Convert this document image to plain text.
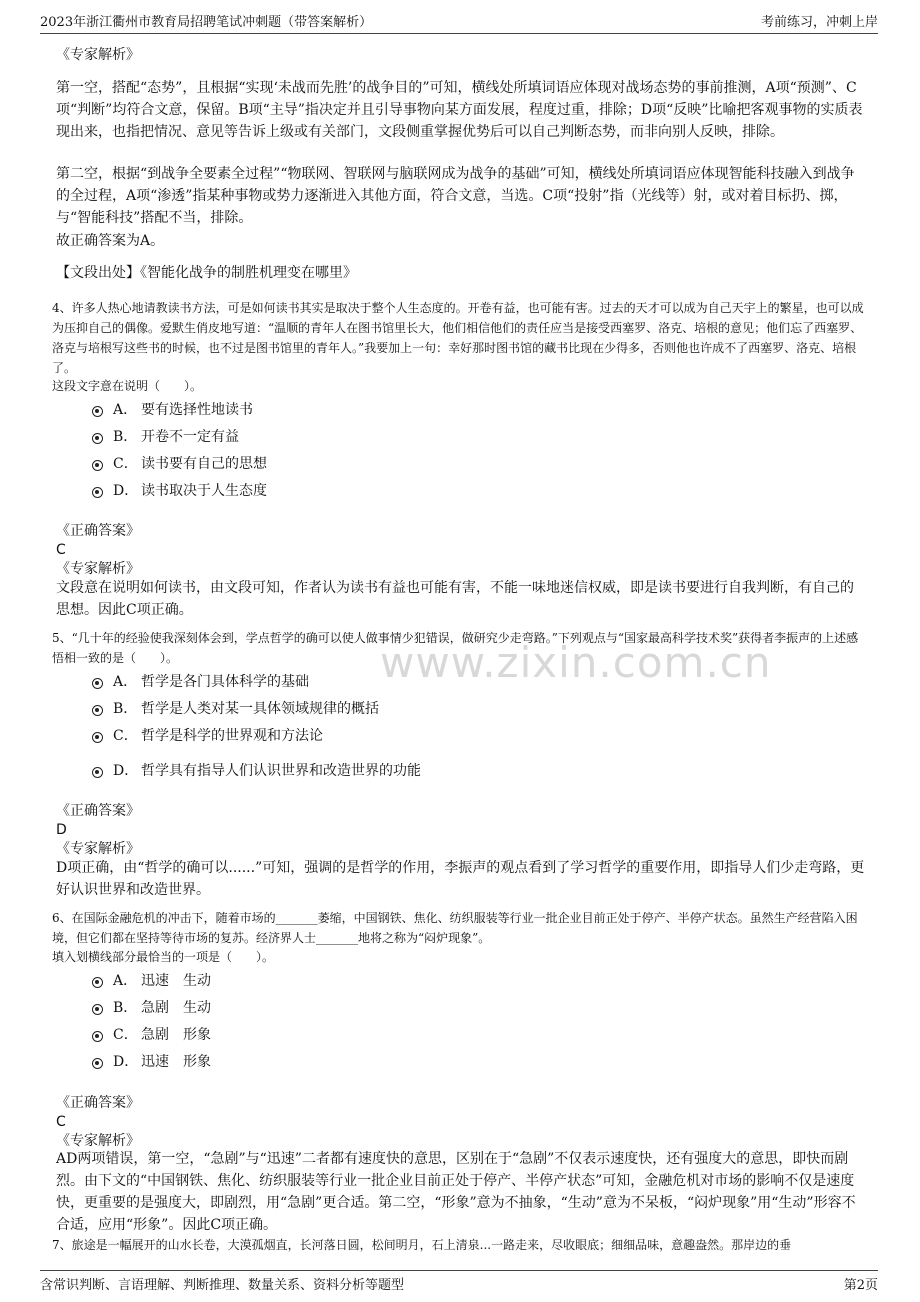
2023年浙江衢州市教育局招聘笔试冲刺题（带答案解析）	考前练习，冲刺上岸
www.zixin.com.cn
《专家解析》

第一空，搭配“态势”，且根据“实现‘未战而先胜’的战争目的”可知，横线处所填词语应体现对战场态势的事前推测，A项“预测”、C项“判断”均符合文意，保留。B项“主导”指决定并且引导事物向某方面发展，程度过重，排除；D项“反映”比喻把客观事物的实质表现出来，也指把情况、意见等告诉上级或有关部门，文段侧重掌握优势后可以自己判断态势，而非向别人反映，排除。

第二空，根据“到战争全要素全过程”“物联网、智联网与脑联网成为战争的基础”可知，横线处所填词语应体现智能科技融入到战争的全过程，A项“渗透”指某种事物或势力逐渐进入其他方面，符合文意，当选。C项“投射”指（光线等）射，或对着目标扔、掷，与“智能科技”搭配不当，排除。

故正确答案为A。
【文段出处】《智能化战争的制胜机理变在哪里》

4、许多人热心地请教读书方法，可是如何读书其实是取决于整个人生态度的。开卷有益，也可能有害。过去的天才可以成为自己天宇上的繁星，也可以成为压抑自己的偶像。爱默生俏皮地写道：“温顺的青年人在图书馆里长大，他们相信他们的责任应当是接受西塞罗、洛克、培根的意见；他们忘了西塞罗、洛克与培根写这些书的时候，也不过是图书馆里的青年人。”我要加上一句：幸好那时图书馆的藏书比现在少得多，否则他也许成不了西塞罗、洛克、培根了。

这段文字意在说明（　　）。
A． 要有选择性地读书
B． 开卷不一定有益
C． 读书要有自己的思想
D． 读书取决于人生态度
《正确答案》
C
《专家解析》

文段意在说明如何读书，由文段可知，作者认为读书有益也可能有害，不能一味地迷信权威，即是读书要进行自我判断，有自己的思想。因此C项正确。

5、“几十年的经验使我深刻体会到，学点哲学的确可以使人做事情少犯错误，做研究少走弯路。”下列观点与“国家最高科学技术奖”获得者李振声的上述感悟相一致的是（　　）。

A． 哲学是各门具体科学的基础
B． 哲学是人类对某一具体领域规律的概括
C． 哲学是科学的世界观和方法论
D． 哲学具有指导人们认识世界和改造世界的功能
《正确答案》
D
《专家解析》

D项正确，由“哲学的确可以......”可知，强调的是哲学的作用，李振声的观点看到了学习哲学的重要作用，即指导人们少走弯路，更好认识世界和改造世界。

6、在国际金融危机的冲击下，随着市场的_______萎缩，中国钢铁、焦化、纺织服装等行业一批企业目前正处于停产、半停产状态。虽然生产经营陷入困境，但它们都在坚持等待市场的复苏。经济界人士_______地将之称为“闷炉现象”。

填入划横线部分最恰当的一项是（　　）。
A． 迅速　生动
B． 急剧　生动
C． 急剧　形象
D． 迅速　形象
《正确答案》
C
《专家解析》

AD两项错误，第一空，“急剧”与“迅速”二者都有速度快的意思，区别在于“急剧”不仅表示速度快，还有强度大的意思，即快而剧烈。由下文的“中国钢铁、焦化、纺织服装等行业一批企业目前正处于停产、半停产状态”可知，金融危机对市场的影响不仅是速度快，更重要的是强度大，即剧烈，用“急剧”更合适。第二空，“形象”意为不抽象，“生动”意为不呆板，“闷炉现象”用“生动”形容不合适，应用“形象”。因此C项正确。

7、旅途是一幅展开的山水长卷，大漠孤烟直，长河落日圆，松间明月，石上清泉...一路走来，尽收眼底；细细品味，意趣盎然。那岸边的垂
含常识判断、言语理解、判断推理、数量关系、资料分析等题型	第2页
